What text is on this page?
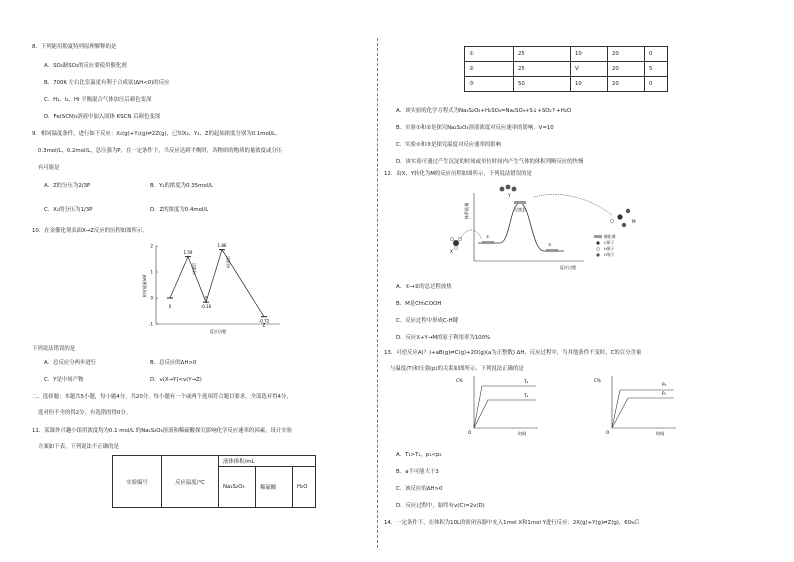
8．下列能用勒夏特列原理解释的是
A．SO₂制SO₃的反应要使用催化剂
B．700K 左右比室温更有利于合成氨(ΔH<0)的反应
C．H₂、I₂、HI 平衡混合气体加压后颜色变深
D．Fe(SCN)₃溶液中加入固体 KSCN 后颜色变深
9．相同温度条件，进行如下反应：X₂(g)+Y₂(g)⇌2Z(g)，已知X₂、Y₂、Z的起始浓度分别为0.1mol/L、
0.3mol/L、0.2mol/L，总压强为P，在一定条件下，当反应达到平衡时，各物质的物质的量浓度或分压
有可能是
A．Z的分压为2/3P	B．Y₂的浓度为0.35mol/L
C．X₂的分压为1/3P	D．Z的浓度为0.4mol/L
10．在金催化剂表面X→Z反应的历程如图所示。
相对能量/eV
2
1
0
-1
1.59
-0.16
1.86
-0.72
X
Y
Z
过渡态Ⅰ
过渡态Ⅱ
反应历程
下列说法错误的是
A．总反应分两步进行	B．总反应的ΔH>0
C．Y是中间产物	D．v(X→Y)<v(Y→Z)
二、选择题：本题共5小题，每小题4分，共20分。每小题有一个或两个选项符合题目要求，全部选对得4分，
选对但不全的得2分，有选错的得0分。
11．某课外兴趣小组用浓度均为0.1 mol/L 的Na₂S₂O₃溶液和稀硫酸探究影响化学反应速率的因素，设计实验
方案如下表。下列说法不正确的是
实验编号	反应温度/°C	液体体积/mL		
		Na₂S₂O₃	稀硫酸	H₂O
①	25	10	20	0
②	25	V	20	5
③	50	10	20	0
A．该实验的化学方程式为Na₂S₂O₃+H₂SO₄=Na₂SO₄+S↓+SO₂↑+H₂O
B．实验①和②是探究Na₂S₂O₃溶液浓度对反应速率的影响，V=10
C．实验①和③是探究温度对反应速率的影响
D．该实验可通过产生沉淀的时间或单位时间内产生气体的体积判断反应的快慢
12．由X、Y转化为M的反应历程如图所示，下列说法错误的是
体系能量
反应过程
过渡态
①
②
X
Y
M
催化剂
C原子
H原子
O原子
A．①→②的总过程放热
B．M是CH₃COOH
C．反应过程中形成C-H键
D．反应X+Y→M的原子利用率为100%
13．可逆反应A(？)+aB(g)⇌C(g)+2D(g)(a为正整数) ΔH，反应过程中，当其他条件不变时，C的百分含量
与温度(T)和压强(p)的关系如图所示。下列说法正确的是
C%
时间
O
T₂
T₁
C%
时间
O
P₂
P₁
A．T₁>T₂，p₁<p₂
B．a不可能大于3
C．该反应的ΔH>0
D．反应过程中，始终有v(C)=2v(D)
14．一定条件下，在体积为10L的密闭容器中充入1mol X和1mol Y进行反应：2X(g)+Y(g)⇌Z(g)，60s后
